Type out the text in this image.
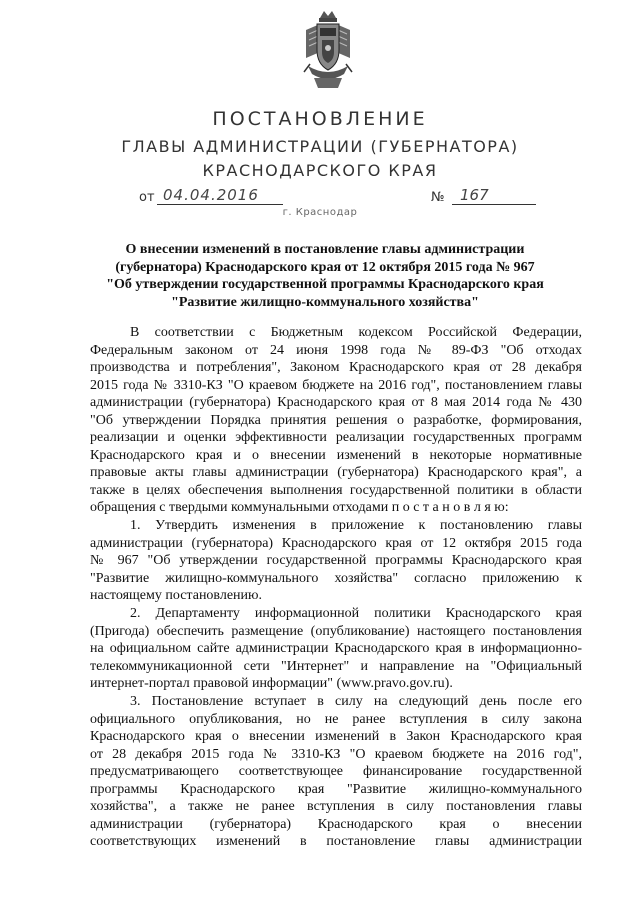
ПОСТАНОВЛЕНИЕ
ГЛАВЫ АДМИНИСТРАЦИИ (ГУБЕРНАТОРА)
КРАСНОДАРСКОГО КРАЯ
от 04.04.2016	№	167
г. Краснодар
О внесении изменений в постановление главы администрации
(губернатора) Краснодарского края от 12 октября 2015 года № 967
"Об утверждении государственной программы Краснодарского края
"Развитие жилищно-коммунального хозяйства"
В соответствии с Бюджетным кодексом Российской Федерации,
Федеральным законом от 24 июня 1998 года № 89-ФЗ "Об отходах
производства и потребления", Законом Краснодарского края от 28 декабря
2015 года № 3310-КЗ "О краевом бюджете на 2016 год", постановлением главы
администрации (губернатора) Краснодарского края от 8 мая 2014 года № 430
"Об утверждении Порядка принятия решения о разработке, формирования,
реализации и оценки эффективности реализации государственных программ
Краснодарского края и о внесении изменений в некоторые нормативные
правовые акты главы администрации (губернатора) Краснодарского края", а
также в целях обеспечения выполнения государственной политики в области
обращения с твердыми коммунальными отходами п о с т а н о в л я ю:
1. Утвердить изменения в приложение к постановлению главы
администрации (губернатора) Краснодарского края от 12 октября 2015 года
№ 967 "Об утверждении государственной программы Краснодарского края
"Развитие жилищно-коммунального хозяйства" согласно приложению к
настоящему постановлению.
2. Департаменту информационной политики Краснодарского края
(Пригода) обеспечить размещение (опубликование) настоящего постановления
на официальном сайте администрации Краснодарского края в информационно-
телекоммуникационной сети "Интернет" и направление на "Официальный
интернет-портал правовой информации" (www.pravo.gov.ru).
3. Постановление вступает в силу на следующий день после его
официального опубликования, но не ранее вступления в силу закона
Краснодарского края о внесении изменений в Закон Краснодарского края
от 28 декабря 2015 года № 3310-КЗ "О краевом бюджете на 2016 год",
предусматривающего соответствующее финансирование государственной
программы Краснодарского края "Развитие жилищно-коммунального
хозяйства", а также не ранее вступления в силу постановления главы
администрации (губернатора) Краснодарского края о внесении
соответствующих изменений в постановление главы администрации
